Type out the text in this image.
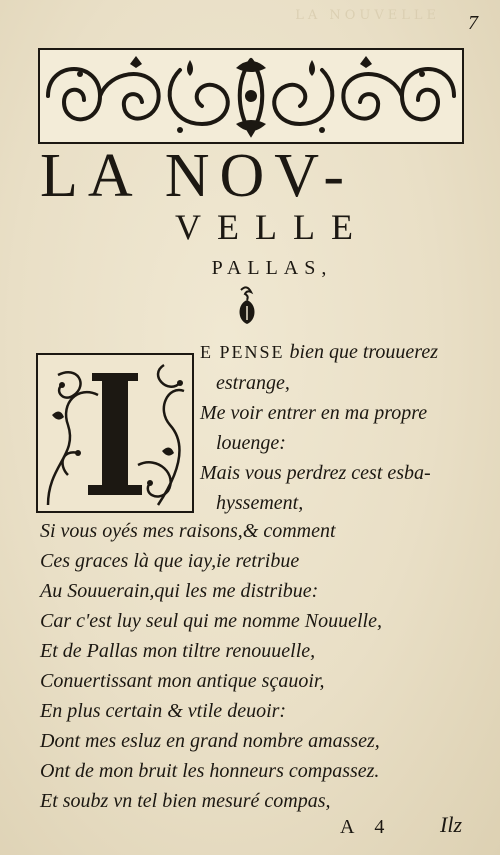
LA NOUVELLE 7
LA NOV-
VELLE
PALLAS,
E PENSE bien que trouuerez
estrange,
Me voir entrer en ma propre
louenge:
Mais vous perdrez cest esba-
hyssement,
Si vous oyés mes raisons,& comment
Ces graces là que iay,ie retribue
Au Souuerain,qui les me distribue:
Car c'est luy seul qui me nomme Nouuelle,
Et de Pallas mon tiltre renouuelle,
Conuertissant mon antique sçauoir,
En plus certain & vtile deuoir:
Dont mes esluz en grand nombre amassez,
Ont de mon bruit les honneurs compassez.
Et soubz vn tel bien mesuré compas,
A 4 Ilz
